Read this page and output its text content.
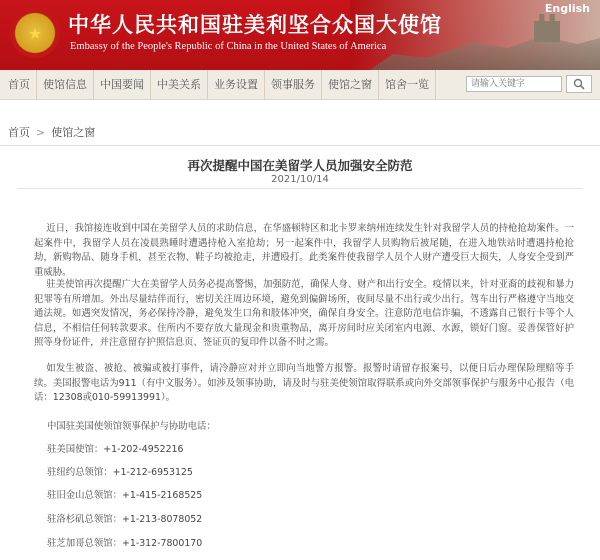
★	中华人民共和国驻美利坚合众国大使馆
Embassy of the People's Republic of China in the United States of America
English
首页	使馆信息	中国要闻	中美关系	业务设置	领事服务	使馆之窗	馆舍一览
请输入关键字
首页 > 使馆之窗
再次提醒中国在美留学人员加强安全防范
2021/10/14

近日，我馆接连收到中国在美留学人员的求助信息，在华盛顿特区和北卡罗来纳州连续发生针对我留学人员的持枪抢劫案件。一起案件中，我留学人员在凌晨熟睡时遭遇持枪入室抢劫；另一起案件中，我留学人员购物后被尾随，在进入地铁站时遭遇持枪抢劫，新购物品、随身手机，甚至衣物、鞋子均被抢走，并遭殴打。此类案件使我留学人员个人财产遭受巨大损失，人身安全受到严重威胁。

驻美使馆再次提醒广大在美留学人员务必提高警惕，加强防范，确保人身、财产和出行安全。疫情以来，针对亚裔的歧视和暴力犯罪等有所增加。外出尽量结伴而行，密切关注周边环境，避免到偏僻场所，夜间尽量不出行或少出行。驾车出行严格遵守当地交通法规。如遇突发情况，务必保持冷静，避免发生口角和肢体冲突，确保自身安全。注意防范电信诈骗，不透露自己银行卡等个人信息，不相信任何转款要求。住所内不要存放大量现金和贵重物品，离开房间时应关闭室内电源、水源，锁好门窗。妥善保管好护照等身份证件，并注意留存护照信息页、签证页的复印件以备不时之需。

如发生被盗、被抢、被骗或被打事件，请冷静应对并立即向当地警方报警。报警时请留存报案号，以便日后办理保险理赔等手续。美国报警电话为911（有中文服务）。如涉及领事协助，请及时与驻美使领馆取得联系或向外交部领事保护与服务中心报告（电话：12308或010-59913991）。

中国驻美国使领馆领事保护与协助电话：
驻美国使馆：+1-202-4952216
驻纽约总领馆：+1-212-6953125
驻旧金山总领馆：+1-415-2168525
驻洛杉矶总领馆：+1-213-8078052
驻芝加哥总领馆：+1-312-7800170
